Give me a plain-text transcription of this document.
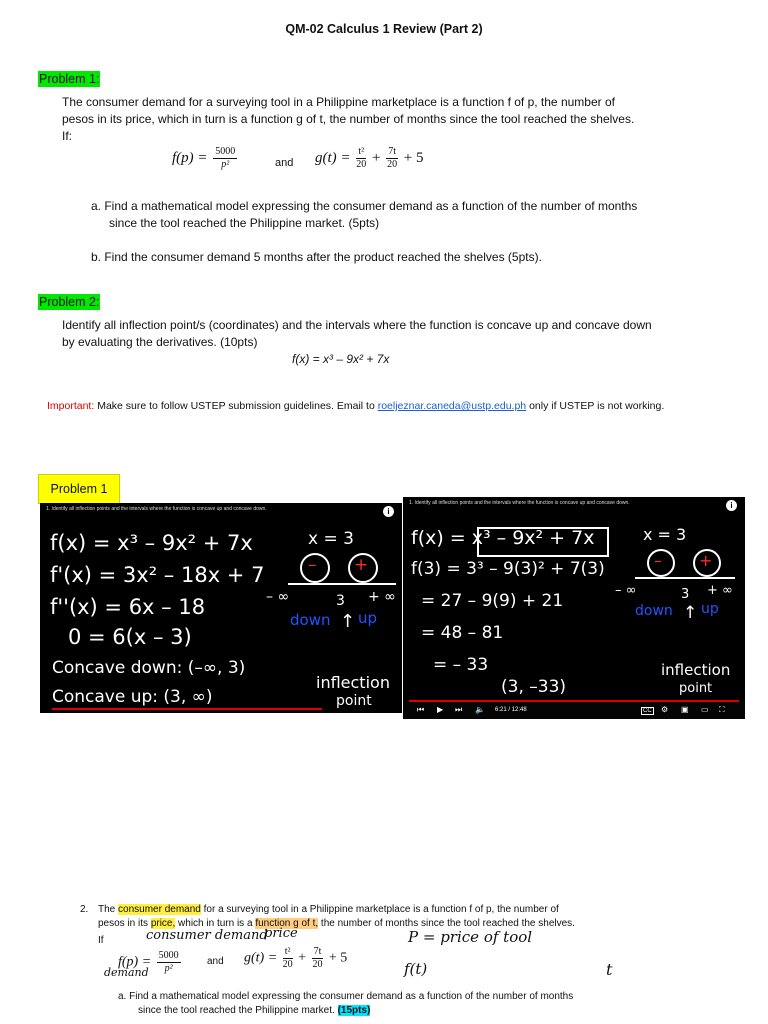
QM-02 Calculus 1 Review (Part 2)
Problem 1:
The consumer demand for a surveying tool in a Philippine marketplace is a function f of p, the number of
pesos in its price, which in turn is a function g of t, the number of months since the tool reached the shelves.
If:
$f(p) = \frac{5000}{\text{p²}}$	and $g(t) = \frac{\text{t²}}{20} + \frac{7t}{20} + 5$
a. Find a mathematical model expressing the consumer demand as a function of the number of months
since the tool reached the Philippine market. (5pts)
b. Find the consumer demand 5 months after the product reached the shelves (5pts).
Problem 2:
Identify all inflection point/s (coordinates) and the intervals where the function is concave up and concave down
by evaluating the derivatives. (10pts)
f(x) = x³ – 9x² + 7x
Important: Make sure to follow USTEP submission guidelines. Email to roeljeznar.caneda@ustp.edu.ph only if USTEP is not working.
Problem 1
1. Identify all inflection points and the intervals where the function is concave up and concave down.	i
f(x) = x³ – 9x² + 7x
f'(x) = 3x² – 18x + 7
f''(x) = 6x – 18
0 = 6(x – 3)
Concave down: (–∞, 3)
Concave up: (3, ∞)
x = 3
– +
– ∞	3 + ∞
down up
↑
inflection
point
1. Identify all inflection points and the intervals where the function is concave up and concave down.	i
f(x) = x³ – 9x² + 7x
f(3) = 3³ – 9(3)² + 7(3)
= 27 – 9(9) + 21
= 48 – 81
= – 33
(3, –33)
x = 3
– +
– ∞	3 + ∞
down up
↑
inflection
point
⏮ ▶ ⏭ 🔈 6:21 / 12:48	CC ⚙ ▣ ▭ ⛶
2. The consumer demand for a surveying tool in a Philippine marketplace is a function f of p, the number of
pesos in its price, which in turn is a function g of t, the number of months since the tool reached the shelves.
If	consumer demand
price	P = price of tool
$f(p) = \frac{5000}{\text{p²}}$
demand
and $g(t) = \frac{\text{t²}}{20} + \frac{7t}{20} + 5$
f(t)	t
a. Find a mathematical model expressing the consumer demand as a function of the number of months
since the tool reached the Philippine market. (15pts)
